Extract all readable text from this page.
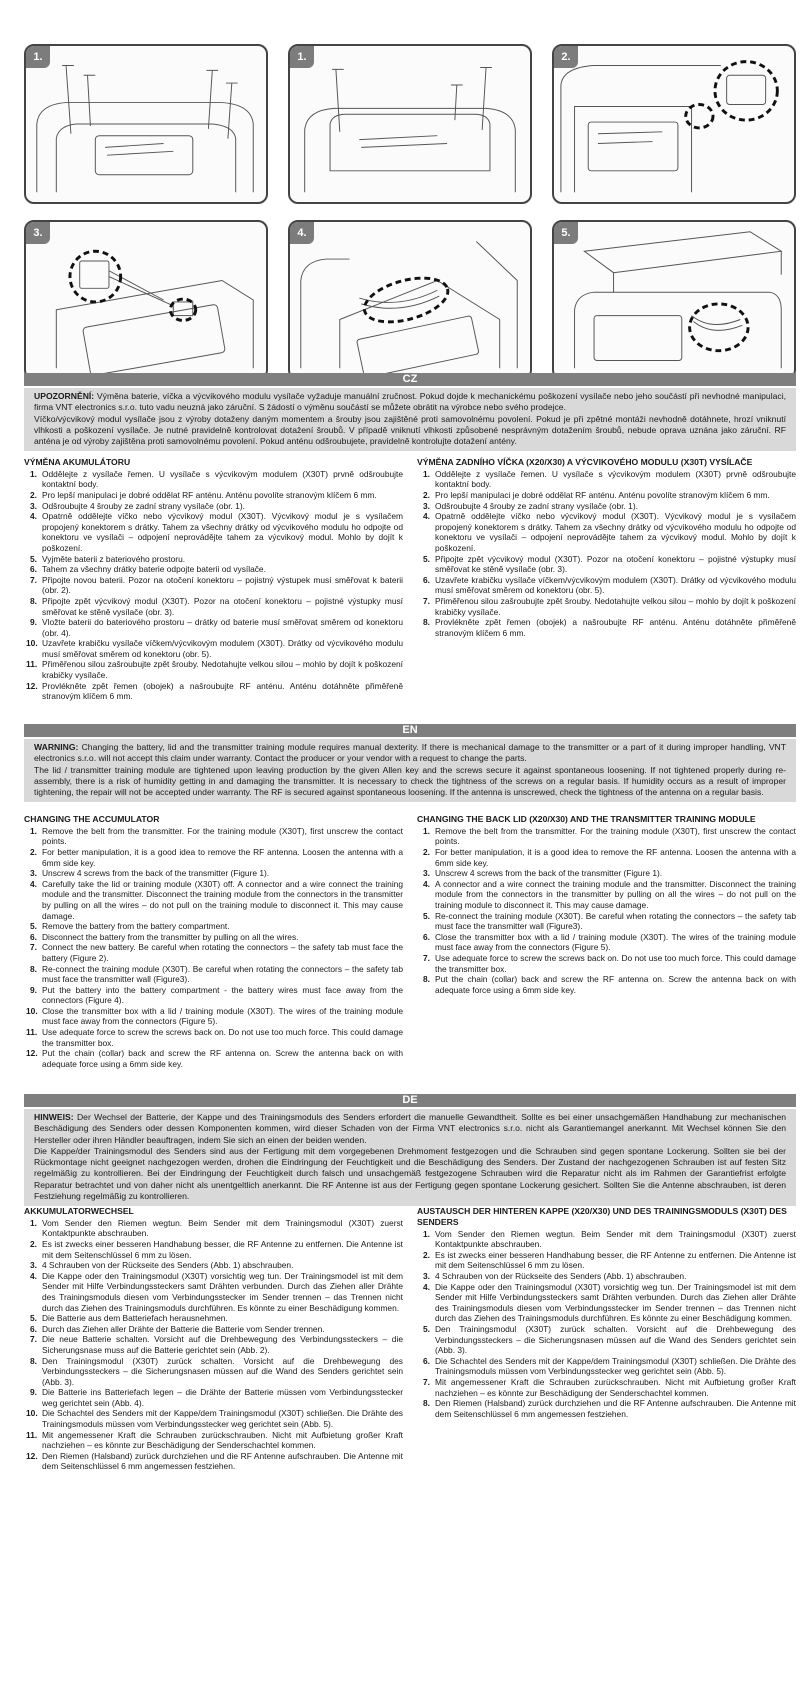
1.	1.	2.
3.	4.	5.
CZ

UPOZORNĚNÍ: Výměna baterie, víčka a výcvikového modulu vysílače vyžaduje manuální zručnost. Pokud dojde k mechanickému poškození vysílače nebo jeho součástí při nevhodné manipulaci, firma VNT electronics s.r.o. tuto vadu neuzná jako záruční. S žádostí o výměnu součástí se můžete obrátit na výrobce nebo svého prodejce.

Víčko/výcvikový modul vysílače jsou z výroby dotaženy daným momentem a šrouby jsou zajištěné proti samovolnému povolení. Pokud je při zpětné montáži nevhodně dotáhnete, hrozí vniknutí vlhkosti a poškození vysílače. Je nutné pravidelně kontrolovat dotažení šroubů. V případě vniknutí vlhkosti způsobené nesprávným dotažením šroubů, nebude oprava uznána jako záruční. RF anténa je od výroby zajištěna proti samovolnému povolení. Pokud anténu odšroubujete, pravidelně kontrolujte dotažení antény.

VÝMĚNA AKUMULÁTORU
1. Oddělejte z vysílače řemen. U vysílače s výcvikovým modulem (X30T) prvně odšroubujte kontaktní body.
2. Pro lepší manipulaci je dobré oddělat RF anténu. Anténu povolíte stranovým klíčem 6 mm.
3. Odšroubujte 4 šrouby ze zadní strany vysílače (obr. 1).
4. Opatrně oddělejte víčko nebo výcvikový modul (X30T). Výcvikový modul je s vysílačem propojený konektorem s drátky. Tahem za všechny drátky od výcvikového modulu ho odpojte od konektoru ve vysílači – odpojení neprovádějte tahem za výcvikový modul. Mohlo by dojít k poškození.
5. Vyjměte baterii z bateriového prostoru.
6. Tahem za všechny drátky baterie odpojte baterii od vysílače.
7. Připojte novou baterii. Pozor na otočení konektoru – pojistný výstupek musí směřovat k baterii (obr. 2).
8. Připojte zpět výcvikový modul (X30T). Pozor na otočení konektoru – pojistné výstupky musí směřovat ke stěně vysílače (obr. 3).
9. Vložte baterii do bateriového prostoru – drátky od baterie musí směřovat směrem od konektoru (obr. 4).
10. Uzavřete krabičku vysílače víčkem/výcvikovým modulem (X30T). Drátky od výcvikového modulu musí směřovat směrem od konektoru (obr. 5).
11. Přiměřenou silou zašroubujte zpět šrouby. Nedotahujte velkou silou – mohlo by dojít k poškození krabičky vysílače.
12. Provlékněte zpět řemen (obojek) a našroubujte RF anténu. Anténu dotáhněte přiměřeně stranovým klíčem 6 mm.
VÝMĚNA ZADNÍHO VÍČKA (X20/X30) A VÝCVIKOVÉHO MODULU (X30T) VYSÍLAČE
1. Oddělejte z vysílače řemen. U vysílače s výcvikovým modulem (X30T) prvně odšroubujte kontaktní body.
2. Pro lepší manipulaci je dobré oddělat RF anténu. Anténu povolíte stranovým klíčem 6 mm.
3. Odšroubujte 4 šrouby ze zadní strany vysílače (obr. 1).
4. Opatrně oddělejte víčko nebo výcvikový modul (X30T). Výcvikový modul je s vysílačem propojený konektorem s drátky. Tahem za všechny drátky od výcvikového modulu ho odpojte od konektoru ve vysílači – odpojení neprovádějte tahem za výcvikový modul. Mohlo by dojít k poškození.
5. Připojte zpět výcvikový modul (X30T). Pozor na otočení konektoru – pojistné výstupky musí směřovat ke stěně vysílače (obr. 3).
6. Uzavřete krabičku vysílače víčkem/výcvikovým modulem (X30T). Drátky od výcvikového modulu musí směřovat směrem od konektoru (obr. 5).
7. Přiměřenou silou zašroubujte zpět šrouby. Nedotahujte velkou silou – mohlo by dojít k poškození krabičky vysílače.
8. Provlékněte zpět řemen (obojek) a našroubujte RF anténu. Anténu dotáhněte přiměřeně stranovým klíčem 6 mm.
EN

WARNING: Changing the battery, lid and the transmitter training module requires manual dexterity. If there is mechanical damage to the transmitter or a part of it during improper handling, VNT electronics s.r.o. will not accept this claim under warranty. Contact the producer or your vendor with a request to change the parts.

The lid / transmitter training module are tightened upon leaving production by the given Allen key and the screws secure it against spontaneous loosening. If not tightened properly during re-assembly, there is a risk of humidity getting in and damaging the transmitter. It is necessary to check the tightness of the screws on a regular basis. If humidity occurs as a result of improper tightening, the repair will not be accepted under warranty. The RF is secured against spontaneous loosening. If the antenna is unscrewed, check the tightness of the antenna on a regular basis.

CHANGING THE ACCUMULATOR
1. Remove the belt from the transmitter. For the training module (X30T), first unscrew the contact points.
2. For better manipulation, it is a good idea to remove the RF antenna. Loosen the antenna with a 6mm side key.
3. Unscrew 4 screws from the back of the transmitter (Figure 1).
4. Carefully take the lid or training module (X30T) off. A connector and a wire connect the training module and the transmitter. Disconnect the training module from the connectors in the transmitter by pulling on all the wires – do not pull on the training module to disconnect it. This may cause damage.
5. Remove the battery from the battery compartment.
6. Disconnect the battery from the transmitter by pulling on all the wires.
7. Connect the new battery. Be careful when rotating the connectors – the safety tab must face the battery (Figure 2).
8. Re-connect the training module (X30T). Be careful when rotating the connectors – the safety tab must face the transmitter wall (Figure3).
9. Put the battery into the battery compartment - the battery wires must face away from the connectors (Figure 4).
10. Close the transmitter box with a lid / training module (X30T). The wires of the training module must face away from the connectors (Figure 5).
11. Use adequate force to screw the screws back on. Do not use too much force. This could damage the transmitter box.
12. Put the chain (collar) back and screw the RF antenna on. Screw the antenna back on with adequate force using a 6mm side key.
CHANGING THE BACK LID (X20/X30) AND THE TRANSMITTER TRAINING MODULE
1. Remove the belt from the transmitter. For the training module (X30T), first unscrew the contact points.
2. For better manipulation, it is a good idea to remove the RF antenna. Loosen the antenna with a 6mm side key.
3. Unscrew 4 screws from the back of the transmitter (Figure 1).
4. A connector and a wire connect the training module and the transmitter. Disconnect the training module from the connectors in the transmitter by pulling on all the wires – do not pull on the training module to disconnect it. This may cause damage.
5. Re-connect the training module (X30T). Be careful when rotating the connectors – the safety tab must face the transmitter wall (Figure3).
6. Close the transmitter box with a lid / training module (X30T). The wires of the training module must face away from the connectors (Figure 5).
7. Use adequate force to screw the screws back on. Do not use too much force. This could damage the transmitter box.
8. Put the chain (collar) back and screw the RF antenna on. Screw the antenna back on with adequate force using a 6mm side key.
DE

HINWEIS: Der Wechsel der Batterie, der Kappe und des Trainingsmoduls des Senders erfordert die manuelle Gewandtheit. Sollte es bei einer unsachgemäßen Handhabung zur mechanischen Beschädigung des Senders oder dessen Komponenten kommen, wird dieser Schaden von der Firma VNT electronics s.r.o. nicht als Garantiemangel anerkannt. Mit Wechsel können Sie den Hersteller oder ihren Händler beauftragen, indem Sie sich an einen der beiden wenden.

Die Kappe/der Trainingsmodul des Senders sind aus der Fertigung mit dem vorgegebenen Drehmoment festgezogen und die Schrauben sind gegen spontane Lockerung. Sollten sie bei der Rückmontage nicht geeignet nachgezogen werden, drohen die Eindringung der Feuchtigkeit und die Beschädigung des Senders. Der Zustand der nachgezogenen Schrauben ist auf festen Sitz regelmäßig zu kontrollieren. Bei der Eindringung der Feuchtigkeit durch falsch und unsachgemäß festgezogene Schrauben wird die Reparatur nicht als im Rahmen der Garantiefrist erfolgte Reparatur betrachtet und von daher nicht als unentgeltlich anerkannt. Die RF Antenne ist aus der Fertigung gegen spontane Lockerung gesichert. Sollten Sie die Antenne abschrauben, ist deren Festziehung regelmäßig zu kontrollieren.

AKKUMULATORWECHSEL
1. Vom Sender den Riemen wegtun. Beim Sender mit dem Trainingsmodul (X30T) zuerst Kontaktpunkte abschrauben.
2. Es ist zwecks einer besseren Handhabung besser, die RF Antenne zu entfernen. Die Antenne ist mit dem Seitenschlüssel 6 mm zu lösen.
3. 4 Schrauben von der Rückseite des Senders (Abb. 1) abschrauben.
4. Die Kappe oder den Trainingsmodul (X30T) vorsichtig weg tun. Der Trainingsmodel ist mit dem Sender mit Hilfe Verbindungssteckers samt Drähten verbunden. Durch das Ziehen aller Drähte des Trainingsmoduls diesen vom Verbindungsstecker im Sender trennen – das Trennen nicht durch das Ziehen des Trainingsmoduls durchführen. Es könnte zu einer Beschädigung kommen.
5. Die Batterie aus dem Batteriefach herausnehmen.
6. Durch das Ziehen aller Drähte der Batterie die Batterie vom Sender trennen.
7. Die neue Batterie schalten. Vorsicht auf die Drehbewegung des Verbindungssteckers – die Sicherungsnase muss auf die Batterie gerichtet sein (Abb. 2).
8. Den Trainingsmodul (X30T) zurück schalten. Vorsicht auf die Drehbewegung des Verbindungssteckers – die Sicherungsnasen müssen auf die Wand des Senders gerichtet sein (Abb. 3).
9. Die Batterie ins Batteriefach legen – die Drähte der Batterie müssen vom Verbindungsstecker weg gerichtet sein (Abb. 4).
10. Die Schachtel des Senders mit der Kappe/dem Trainingsmodul (X30T) schließen. Die Drähte des Trainingsmoduls müssen vom Verbindungsstecker weg gerichtet sein (Abb. 5).
11. Mit angemessener Kraft die Schrauben zurückschrauben. Nicht mit Aufbietung großer Kraft nachziehen – es könnte zur Beschädigung der Senderschachtel kommen.
12. Den Riemen (Halsband) zurück durchziehen und die RF Antenne aufschrauben. Die Antenne mit dem Seitenschlüssel 6 mm angemessen festziehen.
AUSTAUSCH DER HINTEREN KAPPE (X20/X30) UND DES TRAININGSMODULS (X30T) DES SENDERS
1. Vom Sender den Riemen wegtun. Beim Sender mit dem Trainingsmodul (X30T) zuerst Kontaktpunkte abschrauben.
2. Es ist zwecks einer besseren Handhabung besser, die RF Antenne zu entfernen. Die Antenne ist mit dem Seitenschlüssel 6 mm zu lösen.
3. 4 Schrauben von der Rückseite des Senders (Abb. 1) abschrauben.
4. Die Kappe oder den Trainingsmodul (X30T) vorsichtig weg tun. Der Trainingsmodel ist mit dem Sender mit Hilfe Verbindungssteckers samt Drähten verbunden. Durch das Ziehen aller Drähte des Trainingsmoduls diesen vom Verbindungsstecker im Sender trennen – das Trennen nicht durch das Ziehen des Trainingsmoduls durchführen. Es könnte zu einer Beschädigung kommen.
5. Den Trainingsmodul (X30T) zurück schalten. Vorsicht auf die Drehbewegung des Verbindungssteckers – die Sicherungsnasen müssen auf die Wand des Senders gerichtet sein (Abb. 3).
6. Die Schachtel des Senders mit der Kappe/dem Trainingsmodul (X30T) schließen. Die Drähte des Trainingsmoduls müssen vom Verbindungsstecker weg gerichtet sein (Abb. 5).
7. Mit angemessener Kraft die Schrauben zurückschrauben. Nicht mit Aufbietung großer Kraft nachziehen – es könnte zur Beschädigung der Senderschachtel kommen.
8. Den Riemen (Halsband) zurück durchziehen und die RF Antenne aufschrauben. Die Antenne mit dem Seitenschlüssel 6 mm angemessen festziehen.
